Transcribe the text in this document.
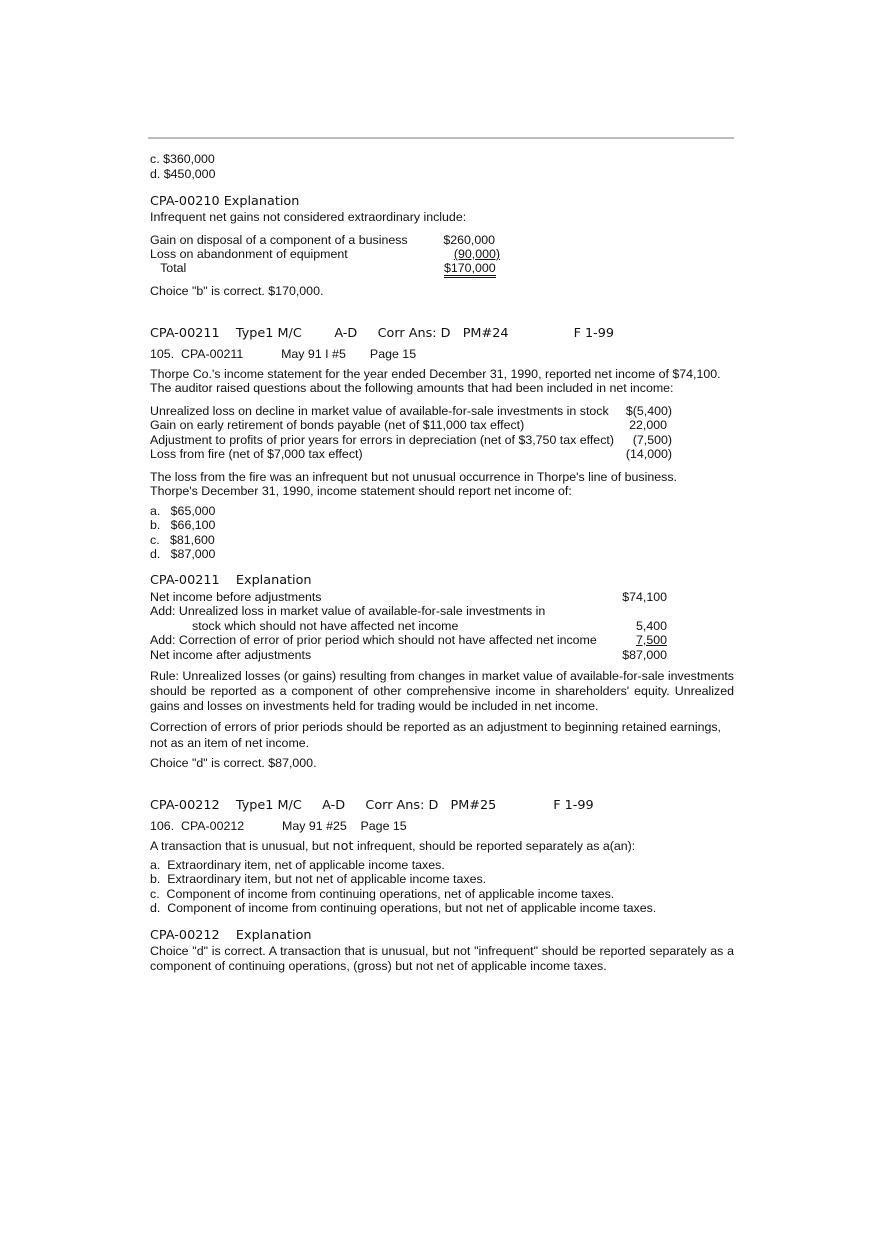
c. $360,000
d. $450,000
CPA-00210 Explanation
Infrequent net gains not considered extraordinary include:
Gain on disposal of a component of a business	$260,000
Loss on abandonment of equipment	(90,000)
Total	$170,000
Choice "b" is correct. $170,000.
CPA-00211    Type1 M/C        A-D     Corr Ans: D   PM#24                F 1-99
105.  CPA-00211           May 91 I #5       Page 15
Thorpe Co.'s income statement for the year ended December 31, 1990, reported net income of $74,100.
The auditor raised questions about the following amounts that had been included in net income:
Unrealized loss on decline in market value of available-for-sale investments in stock	$(5,400)
Gain on early retirement of bonds payable (net of $11,000 tax effect)	22,000
Adjustment to profits of prior years for errors in depreciation (net of $3,750 tax effect)	(7,500)
Loss from fire (net of $7,000 tax effect)	(14,000)
The loss from the fire was an infrequent but not unusual occurrence in Thorpe's line of business.
Thorpe's December 31, 1990, income statement should report net income of:
a.   $65,000
b.   $66,100
c.   $81,600
d.   $87,000
CPA-00211    Explanation
Net income before adjustments	$74,100
Add: Unrealized loss in market value of available-for-sale investments in
stock which should not have affected net income	5,400
Add: Correction of error of prior period which should not have affected net income	7,500
Net income after adjustments	$87,000
Rule: Unrealized losses (or gains) resulting from changes in market value of available-for-sale investments should be reported as a component of other comprehensive income in shareholders' equity. Unrealized gains and losses on investments held for trading would be included in net income.
Correction of errors of prior periods should be reported as an adjustment to beginning retained earnings, not as an item of net income.
Choice "d" is correct. $87,000.
CPA-00212    Type1 M/C     A-D     Corr Ans: D   PM#25              F 1-99
106.  CPA-00212           May 91 #25    Page 15
A transaction that is unusual, but not infrequent, should be reported separately as a(an):
a.  Extraordinary item, net of applicable income taxes.
b.  Extraordinary item, but not net of applicable income taxes.
c.  Component of income from continuing operations, net of applicable income taxes.
d.  Component of income from continuing operations, but not net of applicable income taxes.
CPA-00212    Explanation
Choice "d" is correct. A transaction that is unusual, but not "infrequent" should be reported separately as a component of continuing operations, (gross) but not net of applicable income taxes.
